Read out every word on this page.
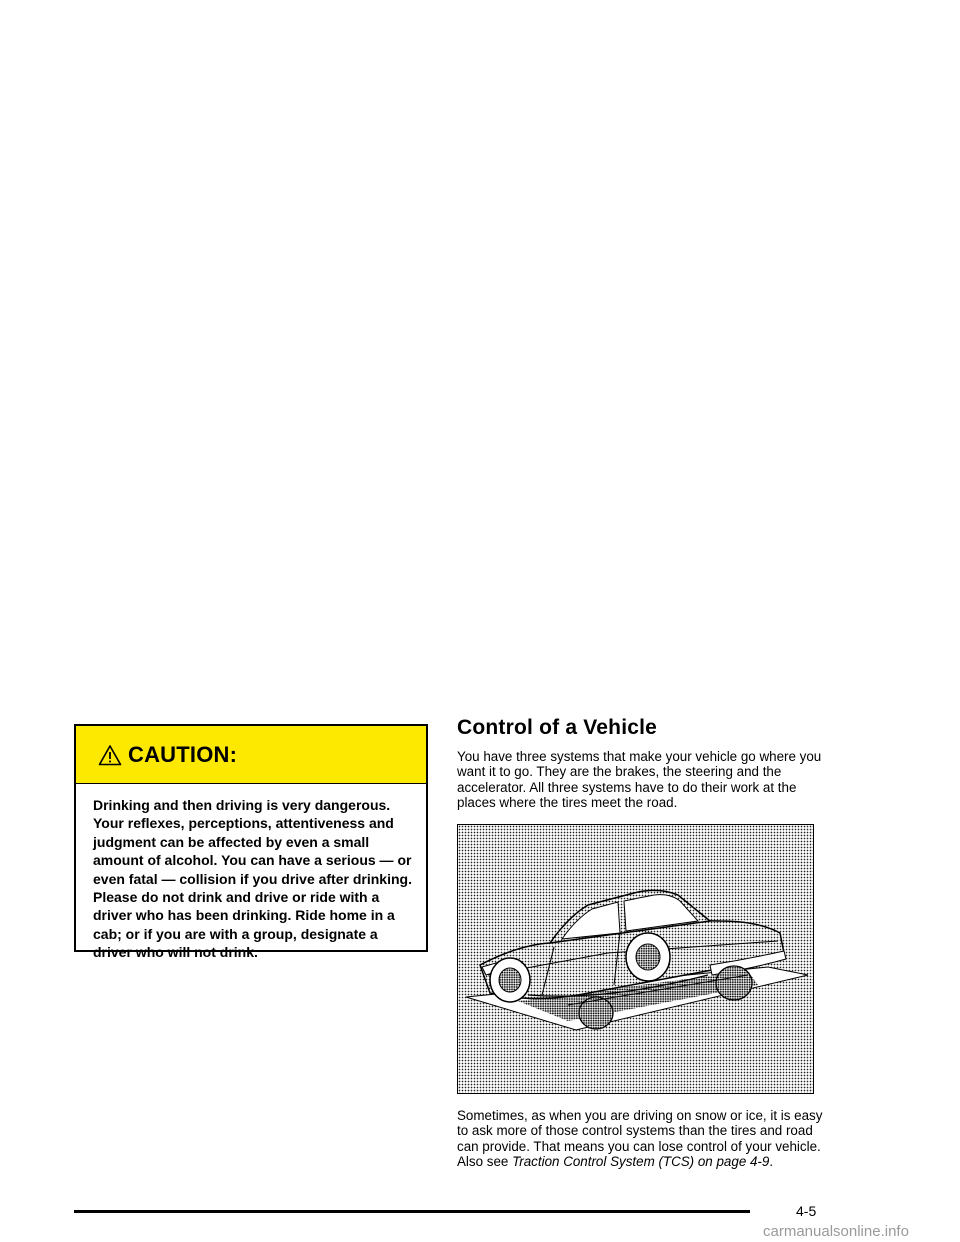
CAUTION:
Drinking and then driving is very dangerous. Your reflexes, perceptions, attentiveness and judgment can be affected by even a small amount of alcohol. You can have a serious — or even fatal — collision if you drive after drinking. Please do not drink and drive or ride with a driver who has been drinking. Ride home in a cab; or if you are with a group, designate a driver who will not drink.
Control of a Vehicle

You have three systems that make your vehicle go where you want it to go. They are the brakes, the steering and the accelerator. All three systems have to do their work at the places where the tires meet the road.

Sometimes, as when you are driving on snow or ice, it is easy to ask more of those control systems than the tires and road can provide. That means you can lose control of your vehicle. Also see Traction Control System (TCS) on page 4-9.

4-5
carmanualsonline.info
